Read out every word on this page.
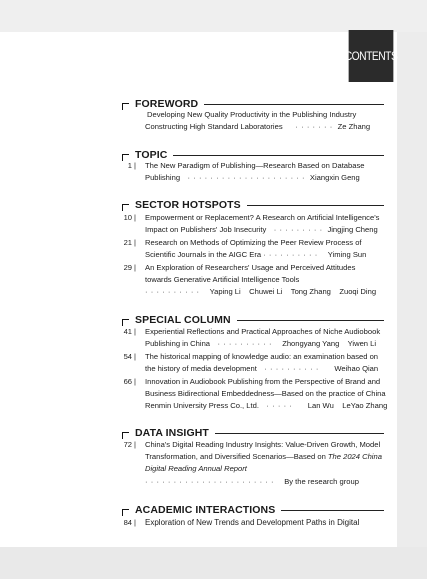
CONTENTS
FOREWORD
Developing New Quality Productivity in the Publishing Industry
Constructing High Standard Laboratories   ······· Ze Zhang
TOPIC
1 | The New Paradigm of Publishing—Research Based on Database
Publishing  ····················· Xiangxin Geng
SECTOR HOTSPOTS
10 | Empowerment or Replacement? A Research on Artificial Intelligence's
Impact on Publishers' Job Insecurity  ········· Jingjing Cheng
21 | Research on Methods of Optimizing the Peer Review Process of
Scientific Journals in the AIGC Era ··········  Yiming Sun
29 | An Exploration of Researchers' Usage and Perceived Attitudes
towards Generative Artificial Intelligence Tools
··········  Yaping Li    Chuwei Li    Tong Zhang    Zuoqi Ding
SPECIAL COLUMN
41 | Experiential Reflections and Practical Approaches of Niche Audiobook
Publishing in China  ··········  Zhongyang Yang    Yiwen Li
54 | The historical mapping of knowledge audio: an examination based on
the history of media development  ··········   Weihao Qian
66 | Innovation in Audiobook Publishing from the Perspective of Brand and
Business Bidirectional Embeddedness—Based on the practice of China
Renmin University Press Co., Ltd.  ·····   Lan Wu    LeYao Zhang
DATA INSIGHT
72 | China's Digital Reading Industry Insights: Value-Driven Growth, Model
Transformation, and Diversified Scenarios—Based on The 2024 China
Digital Reading Annual Report
·······················  By the research group
ACADEMIC INTERACTIONS
84 | Exploration of New Trends and Development Paths in Digital
